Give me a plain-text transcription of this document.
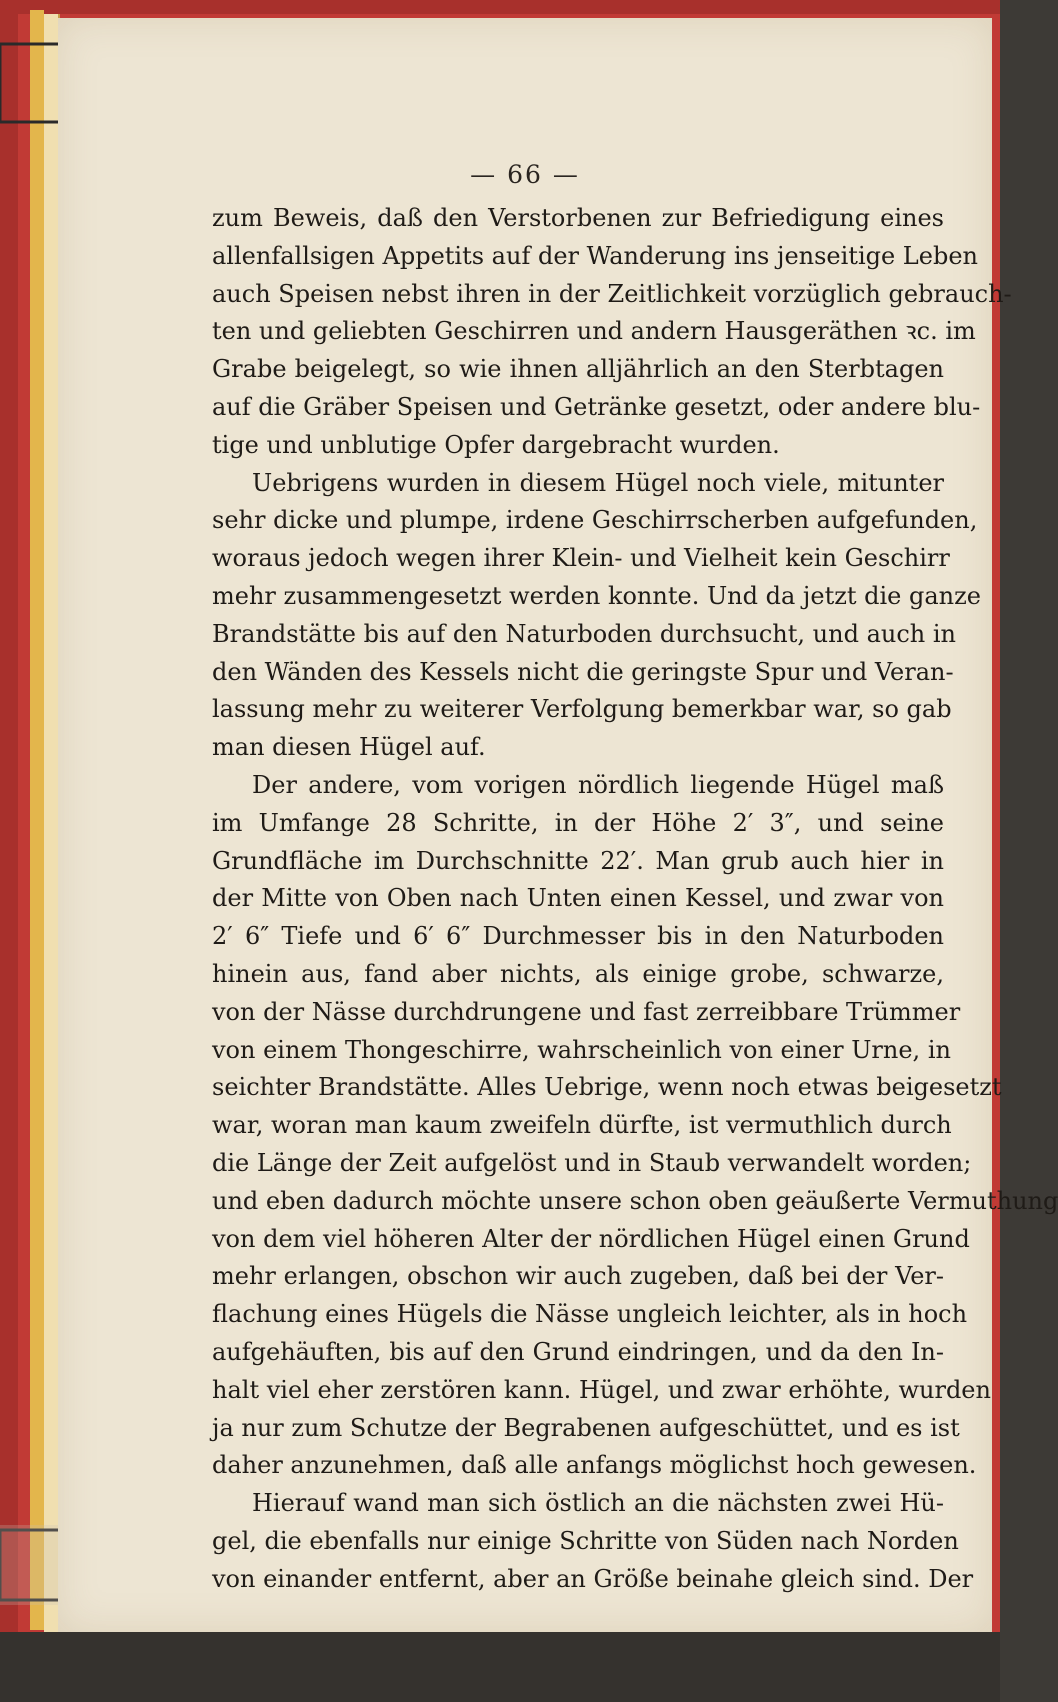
— 66 —
zum Beweis, daß den Verstorbenen zur Befriedigung eines
allenfallsigen Appetits auf der Wanderung ins jenseitige Leben
auch Speisen nebst ihren in der Zeitlichkeit vorzüglich gebrauch-
ten und geliebten Geschirren und andern Hausgeräthen ꝛc. im
Grabe beigelegt, so wie ihnen alljährlich an den Sterbtagen
auf die Gräber Speisen und Getränke gesetzt, oder andere blu-
tige und unblutige Opfer dargebracht wurden.
Uebrigens wurden in diesem Hügel noch viele, mitunter
sehr dicke und plumpe, irdene Geschirrscherben aufgefunden,
woraus jedoch wegen ihrer Klein- und Vielheit kein Geschirr
mehr zusammengesetzt werden konnte. Und da jetzt die ganze
Brandstätte bis auf den Naturboden durchsucht, und auch in
den Wänden des Kessels nicht die geringste Spur und Veran-
lassung mehr zu weiterer Verfolgung bemerkbar war, so gab
man diesen Hügel auf.
Der andere, vom vorigen nördlich liegende Hügel maß
im Umfange 28 Schritte, in der Höhe 2′ 3″, und seine
Grundfläche im Durchschnitte 22′. Man grub auch hier in
der Mitte von Oben nach Unten einen Kessel, und zwar von
2′ 6″ Tiefe und 6′ 6″ Durchmesser bis in den Naturboden
hinein aus, fand aber nichts, als einige grobe, schwarze,
von der Nässe durchdrungene und fast zerreibbare Trümmer
von einem Thongeschirre, wahrscheinlich von einer Urne, in
seichter Brandstätte. Alles Uebrige, wenn noch etwas beigesetzt
war, woran man kaum zweifeln dürfte, ist vermuthlich durch
die Länge der Zeit aufgelöst und in Staub verwandelt worden;
und eben dadurch möchte unsere schon oben geäußerte Vermuthung
von dem viel höheren Alter der nördlichen Hügel einen Grund
mehr erlangen, obschon wir auch zugeben, daß bei der Ver-
flachung eines Hügels die Nässe ungleich leichter, als in hoch
aufgehäuften, bis auf den Grund eindringen, und da den In-
halt viel eher zerstören kann. Hügel, und zwar erhöhte, wurden
ja nur zum Schutze der Begrabenen aufgeschüttet, und es ist
daher anzunehmen, daß alle anfangs möglichst hoch gewesen.
Hierauf wand man sich östlich an die nächsten zwei Hü-
gel, die ebenfalls nur einige Schritte von Süden nach Norden
von einander entfernt, aber an Größe beinahe gleich sind. Der
